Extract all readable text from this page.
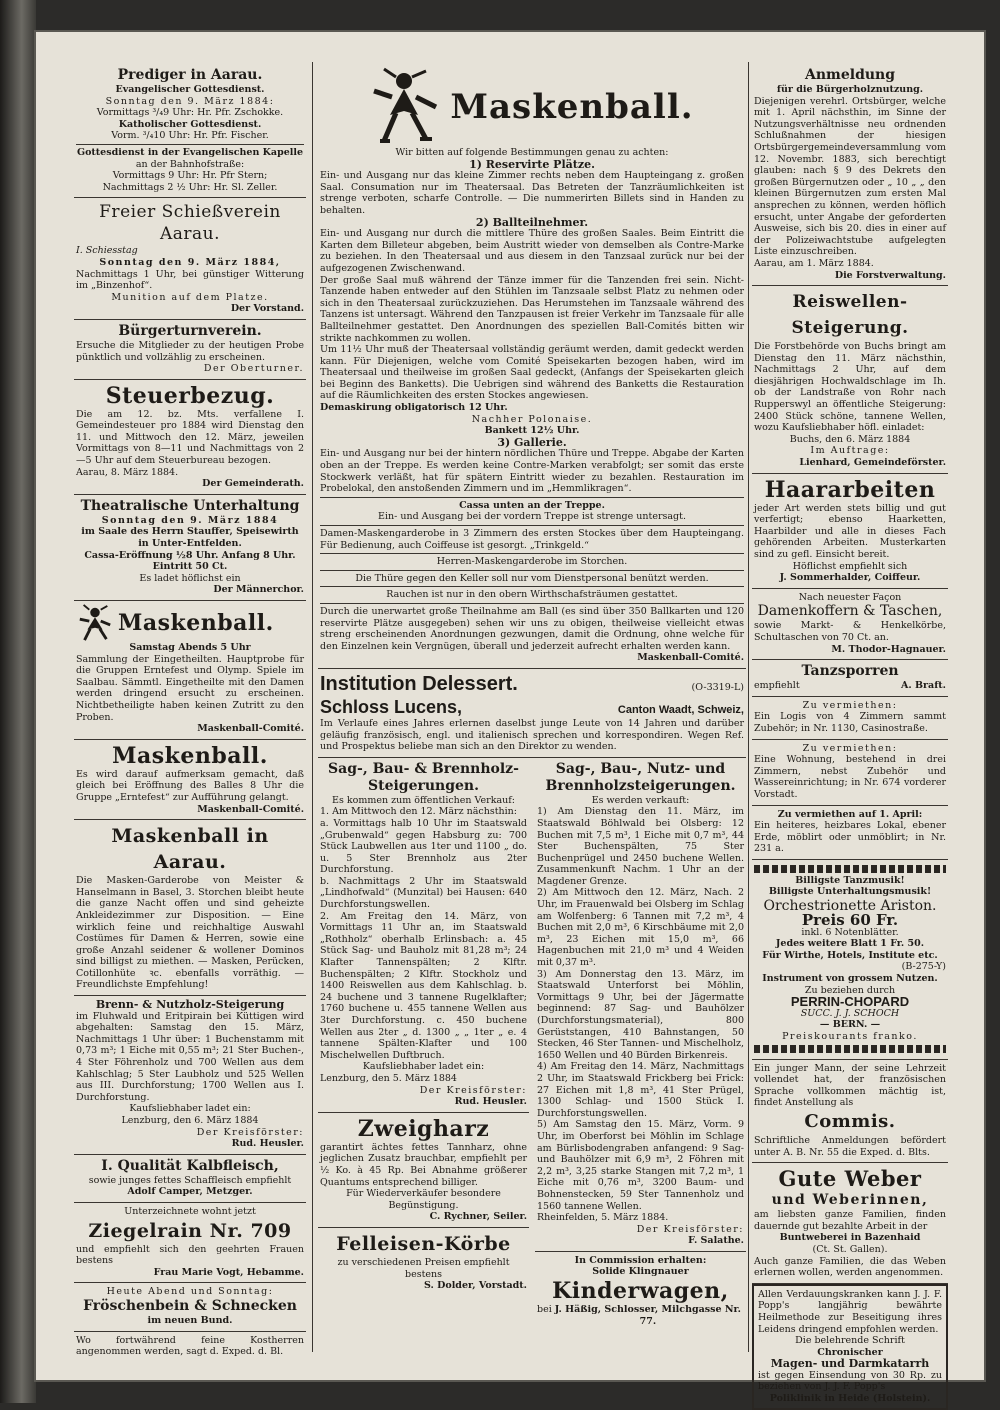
Prediger in Aarau.

Evangelischer Gottesdienst.

Sonntag den 9. März 1884:

Vormittags ³/₄9 Uhr: Hr. Pfr. Zschokke.

Katholischer Gottesdienst.

Vorm. ³/₄10 Uhr: Hr. Pfr. Fischer.

Gottesdienst in der Evangelischen Kapelle

an der Bahnhofstraße:

Vormittags 9 Uhr: Hr. Pfr Stern;

Nachmittags 2 ½ Uhr: Hr. Sl. Zeller.

Freier Schießverein Aarau.

I. Schiesstag

Sonntag den 9. März 1884,

Nachmittags 1 Uhr, bei günstiger Witterung im „Binzenhof“.

Munition auf dem Platze.

Der Vorstand.

Bürgerturnverein.

Ersuche die Mitglieder zu der heutigen Probe pünktlich und vollzählig zu erscheinen.

Der Oberturner.

Steuerbezug.

Die am 12. bz. Mts. verfallene I. Gemeindesteuer pro 1884 wird Dienstag den 11. und Mittwoch den 12. März, jeweilen Vormittags von 8—11 und Nachmittags von 2—5 Uhr auf dem Steuerbureau bezogen.

Aarau, 8. März 1884.

Der Gemeinderath.

Theatralische Unterhaltung

Sonntag den 9. März 1884

im Saale des Herrn Stauffer, Speisewirth in Unter-Entfelden.

Cassa-Eröffnung ½8 Uhr. Anfang 8 Uhr.

Eintritt 50 Ct.

Es ladet höflichst ein

Der Männerchor.

Maskenball.

Samstag Abends 5 Uhr

Sammlung der Eingetheilten. Hauptprobe für die Gruppen Erntefest und Olymp. Spiele im Saalbau. Sämmtl. Eingetheilte mit den Damen werden dringend ersucht zu erscheinen. Nichtbetheiligte haben keinen Zutritt zu den Proben.

Maskenball-Comité.

Maskenball.

Es wird darauf aufmerksam gemacht, daß gleich bei Eröffnung des Balles 8 Uhr die Gruppe „Erntefest“ zur Aufführung gelangt.

Maskenball-Comité.

Maskenball in Aarau.

Die Masken-Garderobe von Meister & Hanselmann in Basel, 3. Storchen bleibt heute die ganze Nacht offen und sind geheizte Ankleidezimmer zur Disposition. — Eine wirklich feine und reichhaltige Auswahl Costümes für Damen & Herren, sowie eine große Anzahl seidener & wollener Dominos sind billigst zu miethen. — Masken, Perücken, Cotillonhüte ꝛc. ebenfalls vorräthig. — Freundlichste Empfehlung!

Brenn- & Nutzholz-Steigerung

im Fluhwald und Eritpirain bei Küttigen wird abgehalten: Samstag den 15. März, Nachmittags 1 Uhr über: 1 Buchenstamm mit 0,73 m³; 1 Eiche mit 0,55 m³; 21 Ster Buchen-, 4 Ster Föhrenholz und 700 Wellen aus dem Kahlschlag; 5 Ster Laubholz und 525 Wellen aus III. Durchforstung; 1700 Wellen aus I. Durchforstung.

Kaufsliebhaber ladet ein:

Lenzburg, den 6. März 1884

Der Kreisförster:

Rud. Heusler.

I. Qualität Kalbfleisch,

sowie junges fettes Schaffleisch empfiehlt

Adolf Camper, Metzger.

Unterzeichnete wohnt jetzt

Ziegelrain Nr. 709

und empfiehlt sich den geehrten Frauen bestens

Frau Marie Vogt, Hebamme.

Heute Abend und Sonntag:

Fröschenbein & Schnecken

im neuen Bund.

Wo fortwährend feine Kostherren angenommen werden, sagt d. Exped. d. Bl.

Maskenball.

Wir bitten auf folgende Bestimmungen genau zu achten:

1) Reservirte Plätze.

Ein- und Ausgang nur das kleine Zimmer rechts neben dem Haupteingang z. großen Saal. Consumation nur im Theatersaal. Das Betreten der Tanzräumlichkeiten ist strenge verboten, scharfe Controlle. — Die nummerirten Billets sind in Handen zu behalten.

2) Ballteilnehmer.

Ein- und Ausgang nur durch die mittlere Thüre des großen Saales. Beim Eintritt die Karten dem Billeteur abgeben, beim Austritt wieder von demselben als Contre-Marke zu beziehen. In den Theatersaal und aus diesem in den Tanzsaal zurück nur bei der aufgezogenen Zwischenwand.

Der große Saal muß während der Tänze immer für die Tanzenden frei sein. Nicht-Tanzende haben entweder auf den Stühlen im Tanzsaale selbst Platz zu nehmen oder sich in den Theatersaal zurückzuziehen. Das Herumstehen im Tanzsaale während des Tanzens ist untersagt. Während den Tanzpausen ist freier Verkehr im Tanzsaale für alle Ballteilnehmer gestattet. Den Anordnungen des speziellen Ball-Comités bitten wir strikte nachkommen zu wollen.

Um 11½ Uhr muß der Theatersaal vollständig geräumt werden, damit gedeckt werden kann. Für Diejenigen, welche vom Comité Speisekarten bezogen haben, wird im Theatersaal und theilweise im großen Saal gedeckt, (Anfangs der Speisekarten gleich bei Beginn des Banketts). Die Uebrigen sind während des Banketts die Restauration auf die Räumlichkeiten des ersten Stockes angewiesen.

Demaskirung obligatorisch 12 Uhr.

Nachher Polonaise.

Bankett 12½ Uhr.

3) Gallerie.

Ein- und Ausgang nur bei der hintern nördlichen Thüre und Treppe. Abgabe der Karten oben an der Treppe. Es werden keine Contre-Marken verabfolgt; ser somit das erste Stockwerk verläßt, hat für spätern Eintritt wieder zu bezahlen. Restauration im Probelokal, den anstoßenden Zimmern und im „Hemmlikragen“.

Cassa unten an der Treppe.

Ein- und Ausgang bei der vordern Treppe ist strenge untersagt.

Damen-Maskengarderobe in 3 Zimmern des ersten Stockes über dem Haupteingang. Für Bedienung, auch Coiffeuse ist gesorgt. „Trinkgeld.“

Herren-Maskengarderobe im Storchen.

Die Thüre gegen den Keller soll nur vom Dienstpersonal benützt werden.

Rauchen ist nur in den obern Wirthschafsträumen gestattet.

Durch die unerwartet große Theilnahme am Ball (es sind über 350 Ballkarten und 120 reservirte Plätze ausgegeben) sehen wir uns zu obigen, theilweise vielleicht etwas streng erscheinenden Anordnungen gezwungen, damit die Ordnung, ohne welche für den Einzelnen kein Vergnügen, überall und jederzeit aufrecht erhalten werden kann.

Maskenball-Comité.

Institution Delessert.	(O-3319-L)

Schloss Lucens,	Canton Waadt, Schweiz,

Im Verlaufe eines Jahres erlernen daselbst junge Leute von 14 Jahren und darüber geläufig französisch, engl. und italienisch sprechen und korrespondiren. Wegen Ref. und Prospektus beliebe man sich an den Direktor zu wenden.

Sag-, Bau- & Brennholz-Steigerungen.

Es kommen zum öffentlichen Verkauf:

1. Am Mittwoch den 12. März nächsthin:

a. Vormittags halb 10 Uhr im Staatswald „Grubenwald“ gegen Habsburg zu: 700 Stück Laubwellen aus 1ter und 1100 „ do. u. 5 Ster Brennholz aus 2ter Durchforstung.

b. Nachmittags 2 Uhr im Staatswald „Lindhofwald“ (Munzital) bei Hausen: 640 Durchforstungswellen.

2. Am Freitag den 14. März, von Vormittags 11 Uhr an, im Staatswald „Rothholz“ oberhalb Erlinsbach: a. 45 Stück Sag- und Bauholz mit 81,28 m³; 24 Klafter Tannenspälten; 2 Klftr. Buchenspälten; 2 Klftr. Stockholz und 1400 Reiswellen aus dem Kahlschlag. b. 24 buchene und 3 tannene Rugelklafter; 1760 buchene u. 455 tannene Wellen aus 3ter Durchforstung. c. 450 buchene Wellen aus 2ter „ d. 1300 „ „ 1ter „ e. 4 tannene Spälten-Klafter und 100 Mischelwellen Duftbruch.

Kaufsliebhaber ladet ein:

Lenzburg, den 5. März 1884

Der Kreisförster:

Rud. Heusler.

Zweigharz

garantirt ächtes fettes Tannharz, ohne jeglichen Zusatz brauchbar, empfiehlt per ½ Ko. à 45 Rp. Bei Abnahme größerer Quantums entsprechend billiger.

Für Wiederverkäufer besondere Begünstigung.

C. Rychner, Seiler.

Felleisen-Körbe

zu verschiedenen Preisen empfiehlt bestens

S. Dolder, Vorstadt.

Sag-, Bau-, Nutz- und Brennholzsteigerungen.

Es werden verkauft:

1) Am Dienstag den 11. März, im Staatswald Böhlwald bei Olsberg: 12 Buchen mit 7,5 m³, 1 Eiche mit 0,7 m³, 44 Ster Buchenspälten, 75 Ster Buchenprügel und 2450 buchene Wellen. Zusammenkunft Nachm. 1 Uhr an der Magdener Grenze.

2) Am Mittwoch den 12. März, Nach. 2 Uhr, im Frauenwald bei Olsberg im Schlag am Wolfenberg: 6 Tannen mit 7,2 m³, 4 Buchen mit 2,0 m³, 6 Kirschbäume mit 2,0 m³, 23 Eichen mit 15,0 m³, 66 Hagenbuchen mit 21,0 m³ und 4 Weiden mit 0,37 m³.

3) Am Donnerstag den 13. März, im Staatswald Unterforst bei Möhlin, Vormittags 9 Uhr, bei der Jägermatte beginnend: 87 Sag- und Bauhölzer (Durchforstungsmaterial), 800 Gerüststangen, 410 Bahnstangen, 50 Stecken, 46 Ster Tannen- und Mischelholz, 1650 Wellen und 40 Bürden Birkenreis.

4) Am Freitag den 14. März, Nachmittags 2 Uhr, im Staatswald Frickberg bei Frick: 27 Eichen mit 1,8 m³, 41 Ster Prügel, 1300 Schlag- und 1500 Stück I. Durchforstungswellen.

5) Am Samstag den 15. März, Vorm. 9 Uhr, im Oberforst bei Möhlin im Schlage am Bürlisbodengraben anfangend: 9 Sag- und Bauhölzer mit 6,9 m³, 2 Föhren mit 2,2 m³, 3,25 starke Stangen mit 7,2 m³, 1 Eiche mit 0,76 m³, 3200 Baum- und Bohnenstecken, 59 Ster Tannenholz und 1560 tannene Wellen.

Rheinfelden, 5. März 1884.

Der Kreisförster:

F. Salathe.

In Commission erhalten:

Solide Klingnauer

Kinderwagen,

bei J. Häßig, Schlosser, Milchgasse Nr. 77.

Anmeldung

für die Bürgerholznutzung.

Diejenigen verehrl. Ortsbürger, welche mit 1. April nächsthin, im Sinne der Nutzungsverhältnisse neu ordnenden Schlußnahmen der hiesigen Ortsbürgergemeindeversammlung vom 12. Novembr. 1883, sich berechtigt glauben: nach § 9 des Dekrets den großen Bürgernutzen oder „ 10 „ „ den kleinen Bürgernutzen zum ersten Mal ansprechen zu können, werden höflich ersucht, unter Angabe der geforderten Ausweise, sich bis 20. dies in einer auf der Polizeiwachtstube aufgelegten Liste einzuschreiben.

Aarau, am 1. März 1884.

Die Forstverwaltung.

Reiswellen-Steigerung.

Die Forstbehörde von Buchs bringt am Dienstag den 11. März nächsthin, Nachmittags 2 Uhr, auf dem diesjährigen Hochwaldschlage im Ih. ob der Landstraße von Rohr nach Rupperswyl an öffentliche Steigerung: 2400 Stück schöne, tannene Wellen, wozu Kaufsliebhaber höfl. einladet:

Buchs, den 6. März 1884

Im Auftrage:

Lienhard, Gemeindeförster.

Haararbeiten

jeder Art werden stets billig und gut verfertigt; ebenso Haarketten, Haarbilder und alle in dieses Fach gehörenden Arbeiten. Musterkarten sind zu gefl. Einsicht bereit.

Höflichst empfiehlt sich

J. Sommerhalder, Coiffeur.

Nach neuester Façon

Damenkoffern & Taschen,

sowie Markt- & Henkelkörbe, Schultaschen von 70 Ct. an.

M. Thodor-Hagnauer.

Tanzsporren

empfiehlt	A. Braft.

Zu vermiethen:

Ein Logis von 4 Zimmern sammt Zubehör; in Nr. 1130, Casinostraße.

Zu vermiethen:

Eine Wohnung, bestehend in drei Zimmern, nebst Zubehör und Wassereinrichtung; in Nr. 674 vorderer Vorstadt.

Zu vermiethen auf 1. April:

Ein heiteres, heizbares Lokal, ebener Erde, möblirt oder unmöblirt; in Nr. 231 a.

Billigste Tanzmusik!

Billigste Unterhaltungsmusik!

Orchestrionette Ariston.

Preis 60 Fr.

inkl. 6 Notenblätter.

Jedes weitere Blatt 1 Fr. 50.

Für Wirthe, Hotels, Institute etc.

(B-275-Y)

Instrument von grossem Nutzen.

Zu beziehen durch

PERRIN-CHOPARD

SUCC. J. J. SCHOCH

— BERN. —

Preiskourants franko.

Ein junger Mann, der seine Lehrzeit vollendet hat, der französischen Sprache vollkommen mächtig ist, findet Anstellung als

Commis.

Schriftliche Anmeldungen befördert unter A. B. Nr. 55 die Exped. d. Blts.

Gute Weber

und Weberinnen,

am liebsten ganze Familien, finden dauernde gut bezahlte Arbeit in der

Buntweberei in Bazenhaid

(Ct. St. Gallen).

Auch ganze Familien, die das Weben erlernen wollen, werden angenommen.

Allen Verdauungskranken kann J. J. F. Popp's langjährig bewährte Heilmethode zur Beseitigung ihres Leidens dringend empfohlen werden.

Die belehrende Schrift

Chronischer

Magen- und Darmkatarrh

ist gegen Einsendung von 30 Rp. zu beziehen von J. J. F. Popp's

Poliklinik in Heide (Holstein).
